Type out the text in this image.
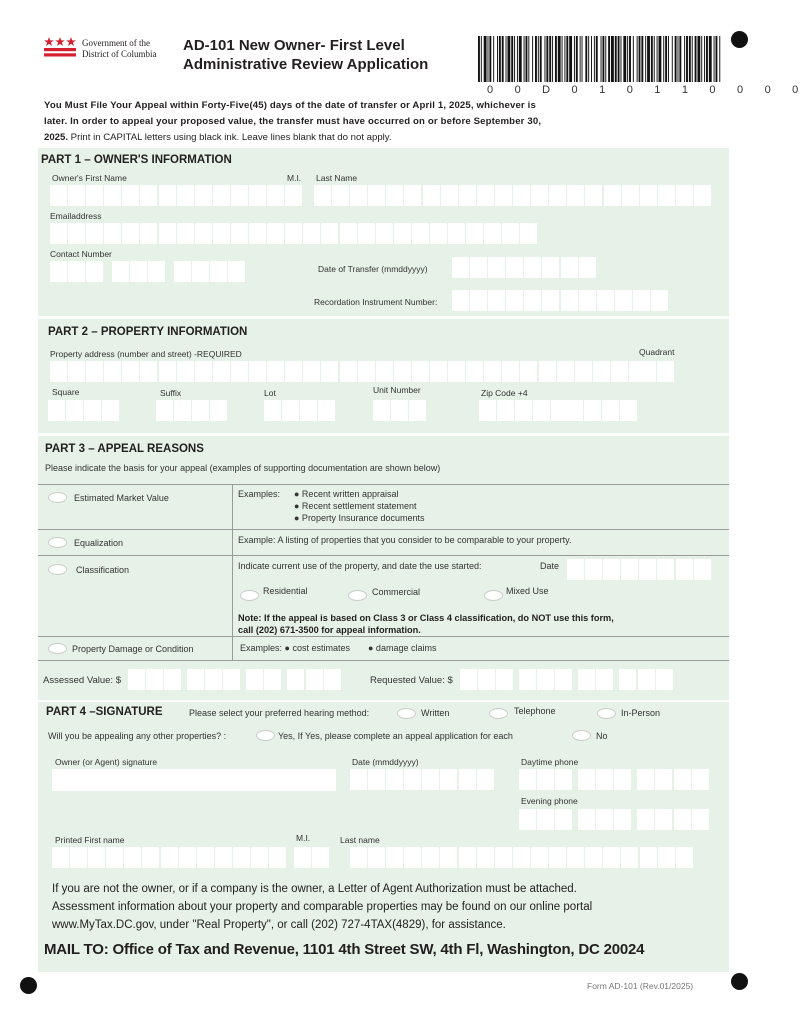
Government of the
District of Columbia AD-101 New Owner- First Level
Administrative Review Application
0 0 D 0 1 0 1 1 0 0 0 0
You Must File Your Appeal within Forty-Five(45) days of the date of transfer or April 1, 2025, whichever is
later. In order to appeal your proposed value, the transfer must have occurred on or before September 30,
2025. Print in CAPITAL letters using black ink. Leave lines blank that do not apply.
PART 1 – OWNER'S INFORMATION
Owner's First Name	M.I. Last Name
Emailaddress
Contact Number
Date of Transfer (mmddyyyy)
Recordation Instrument Number:
PART 2 – PROPERTY INFORMATION
Property address (number and street) -REQUIRED	Quadrant
Square	Suffix	Lot	Unit Number	Zip Code +4
PART 3 – APPEAL REASONS
Please indicate the basis for your appeal (examples of supporting documentation are shown below)
Estimated Market Value	Examples: ● Recent written appraisal
● Recent settlement statement
● Property Insurance documents
Equalization	Example: A listing of properties that you consider to be comparable to your property.
Classification	Indicate current use of the property, and date the use started:	Date
Residential	Commercial	Mixed Use
Note: If the appeal is based on Class 3 or Class 4 classification, do NOT use this form,
call (202) 671-3500 for appeal information.
Property Damage or Condition	Examples: ● cost estimates ● damage claims
Assessed Value: $	Requested Value: $
PART 4 –SIGNATURE	Please select your preferred hearing method:	Written	Telephone	In-Person
Will you be appealing any other properties? :	Yes, If Yes, please complete an appeal application for each	No
Owner (or Agent) signature	Date (mmddyyyy)	Daytime phone
Evening phone
Printed First name	M.I.	Last name
If you are not the owner, or if a company is the owner, a Letter of Agent Authorization must be attached.
Assessment information about your property and comparable properties may be found on our online portal
www.MyTax.DC.gov, under "Real Property", or call (202) 727-4TAX(4829), for assistance.
MAIL TO: Office of Tax and Revenue, 1101 4th Street SW, 4th Fl, Washington, DC 20024
Form AD-101 (Rev.01/2025)
